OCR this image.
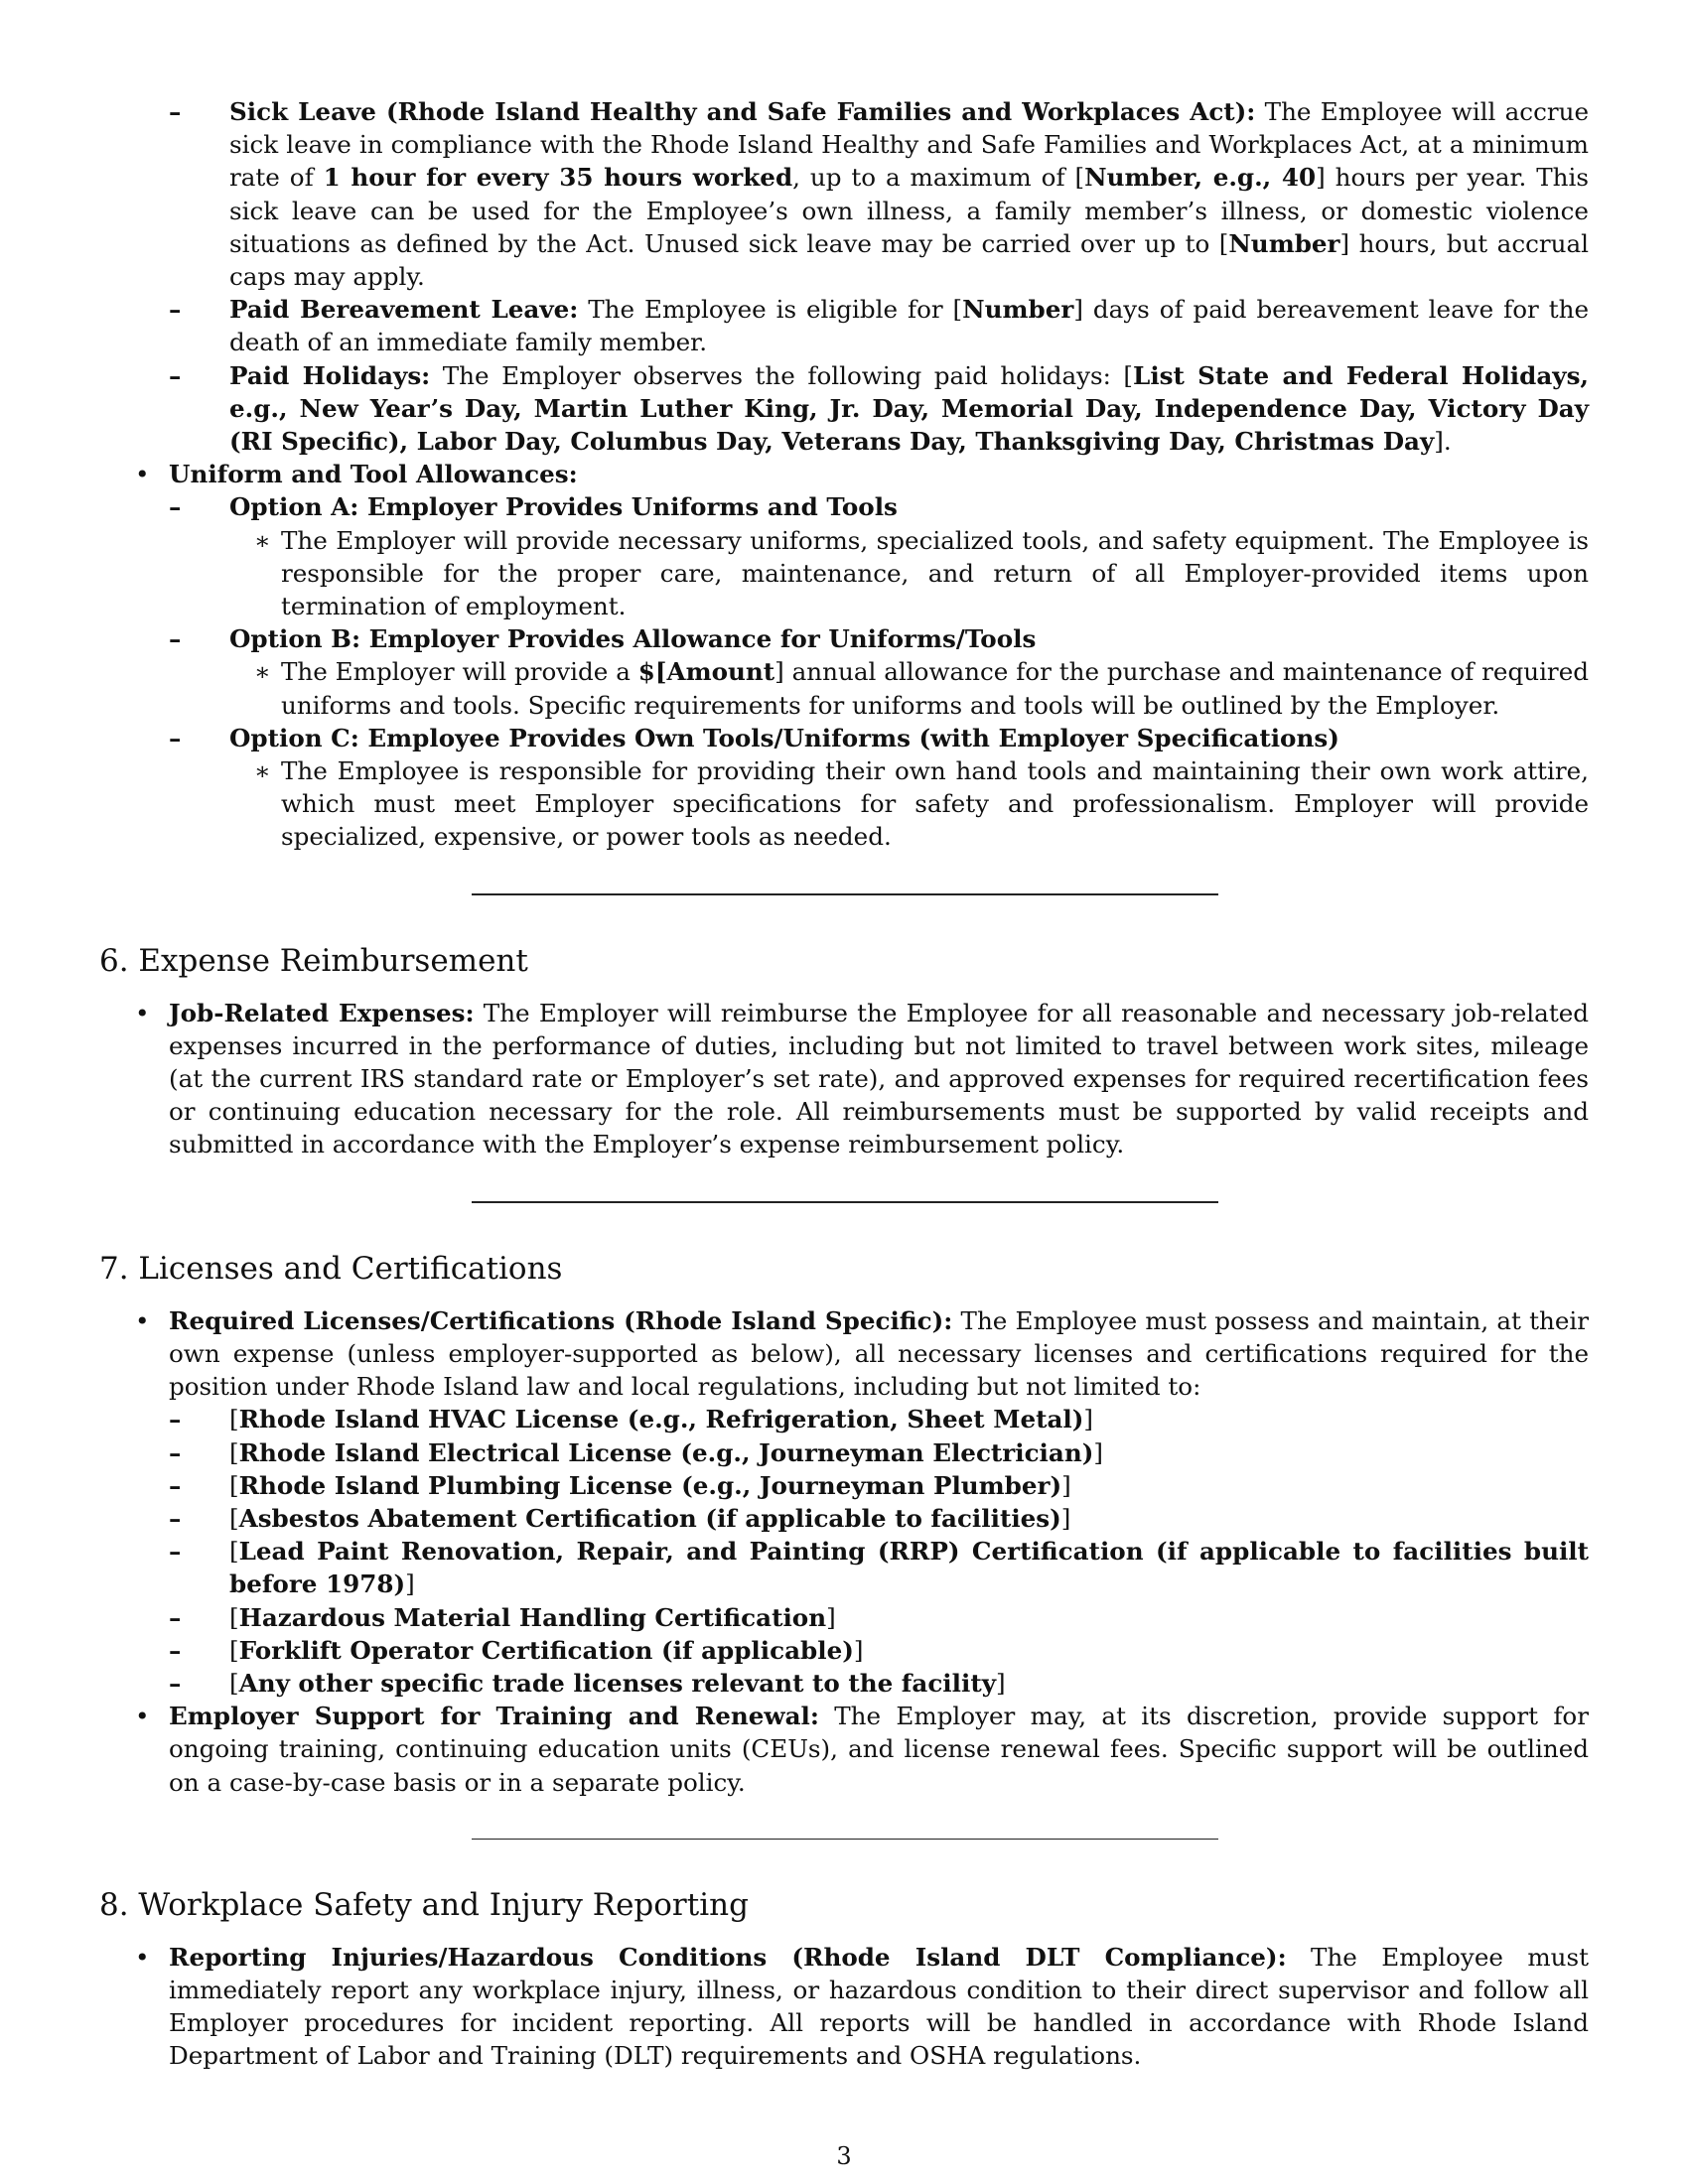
– Sick Leave (Rhode Island Healthy and Safe Families and Workplaces Act): The Employee will accrue sick leave in compliance with the Rhode Island Healthy and Safe Families and Workplaces Act, at a minimum rate of 1 hour for every 35 hours worked, up to a maximum of [Number, e.g., 40] hours per year. This sick leave can be used for the Employee’s own illness, a family member’s illness, or domestic violence situations as defined by the Act. Unused sick leave may be carried over up to [Number] hours, but accrual caps may apply.
– Paid Bereavement Leave: The Employee is eligible for [Number] days of paid bereavement leave for the death of an immediate family member.
– Paid Holidays: The Employer observes the following paid holidays: [List State and Federal Holidays, e.g., New Year’s Day, Martin Luther King, Jr. Day, Memorial Day, Independence Day, Victory Day (RI Specific), Labor Day, Columbus Day, Veterans Day, Thanksgiving Day, Christmas Day].
• Uniform and Tool Allowances:
– Option A: Employer Provides Uniforms and Tools
∗ The Employer will provide necessary uniforms, specialized tools, and safety equipment. The Employee is responsible for the proper care, maintenance, and return of all Employer-provided items upon termination of employment.
– Option B: Employer Provides Allowance for Uniforms/Tools
∗ The Employer will provide a $[Amount] annual allowance for the purchase and maintenance of required uniforms and tools. Specific requirements for uniforms and tools will be outlined by the Employer.
– Option C: Employee Provides Own Tools/Uniforms (with Employer Specifications)
∗ The Employee is responsible for providing their own hand tools and maintaining their own work attire, which must meet Employer specifications for safety and professionalism. Employer will provide specialized, expensive, or power tools as needed.
6. Expense Reimbursement
• Job-Related Expenses: The Employer will reimburse the Employee for all reasonable and necessary job-related expenses incurred in the performance of duties, including but not limited to travel between work sites, mileage (at the current IRS standard rate or Employer’s set rate), and approved expenses for required recertification fees or continuing education necessary for the role. All reimbursements must be supported by valid receipts and submitted in accordance with the Employer’s expense reimbursement policy.
7. Licenses and Certifications
• Required Licenses/Certifications (Rhode Island Specific): The Employee must possess and maintain, at their own expense (unless employer-supported as below), all necessary licenses and certifications required for the position under Rhode Island law and local regulations, including but not limited to:
– [Rhode Island HVAC License (e.g., Refrigeration, Sheet Metal)]
– [Rhode Island Electrical License (e.g., Journeyman Electrician)]
– [Rhode Island Plumbing License (e.g., Journeyman Plumber)]
– [Asbestos Abatement Certification (if applicable to facilities)]
– [Lead Paint Renovation, Repair, and Painting (RRP) Certification (if applicable to facilities built before 1978)]
– [Hazardous Material Handling Certification]
– [Forklift Operator Certification (if applicable)]
– [Any other specific trade licenses relevant to the facility]
• Employer Support for Training and Renewal: The Employer may, at its discretion, provide support for ongoing training, continuing education units (CEUs), and license renewal fees. Specific support will be outlined on a case-by-case basis or in a separate policy.
8. Workplace Safety and Injury Reporting
• Reporting Injuries/Hazardous Conditions (Rhode Island DLT Compliance): The Employee must immediately report any workplace injury, illness, or hazardous condition to their direct supervisor and follow all Employer procedures for incident reporting. All reports will be handled in accordance with Rhode Island Department of Labor and Training (DLT) requirements and OSHA regulations.
3
